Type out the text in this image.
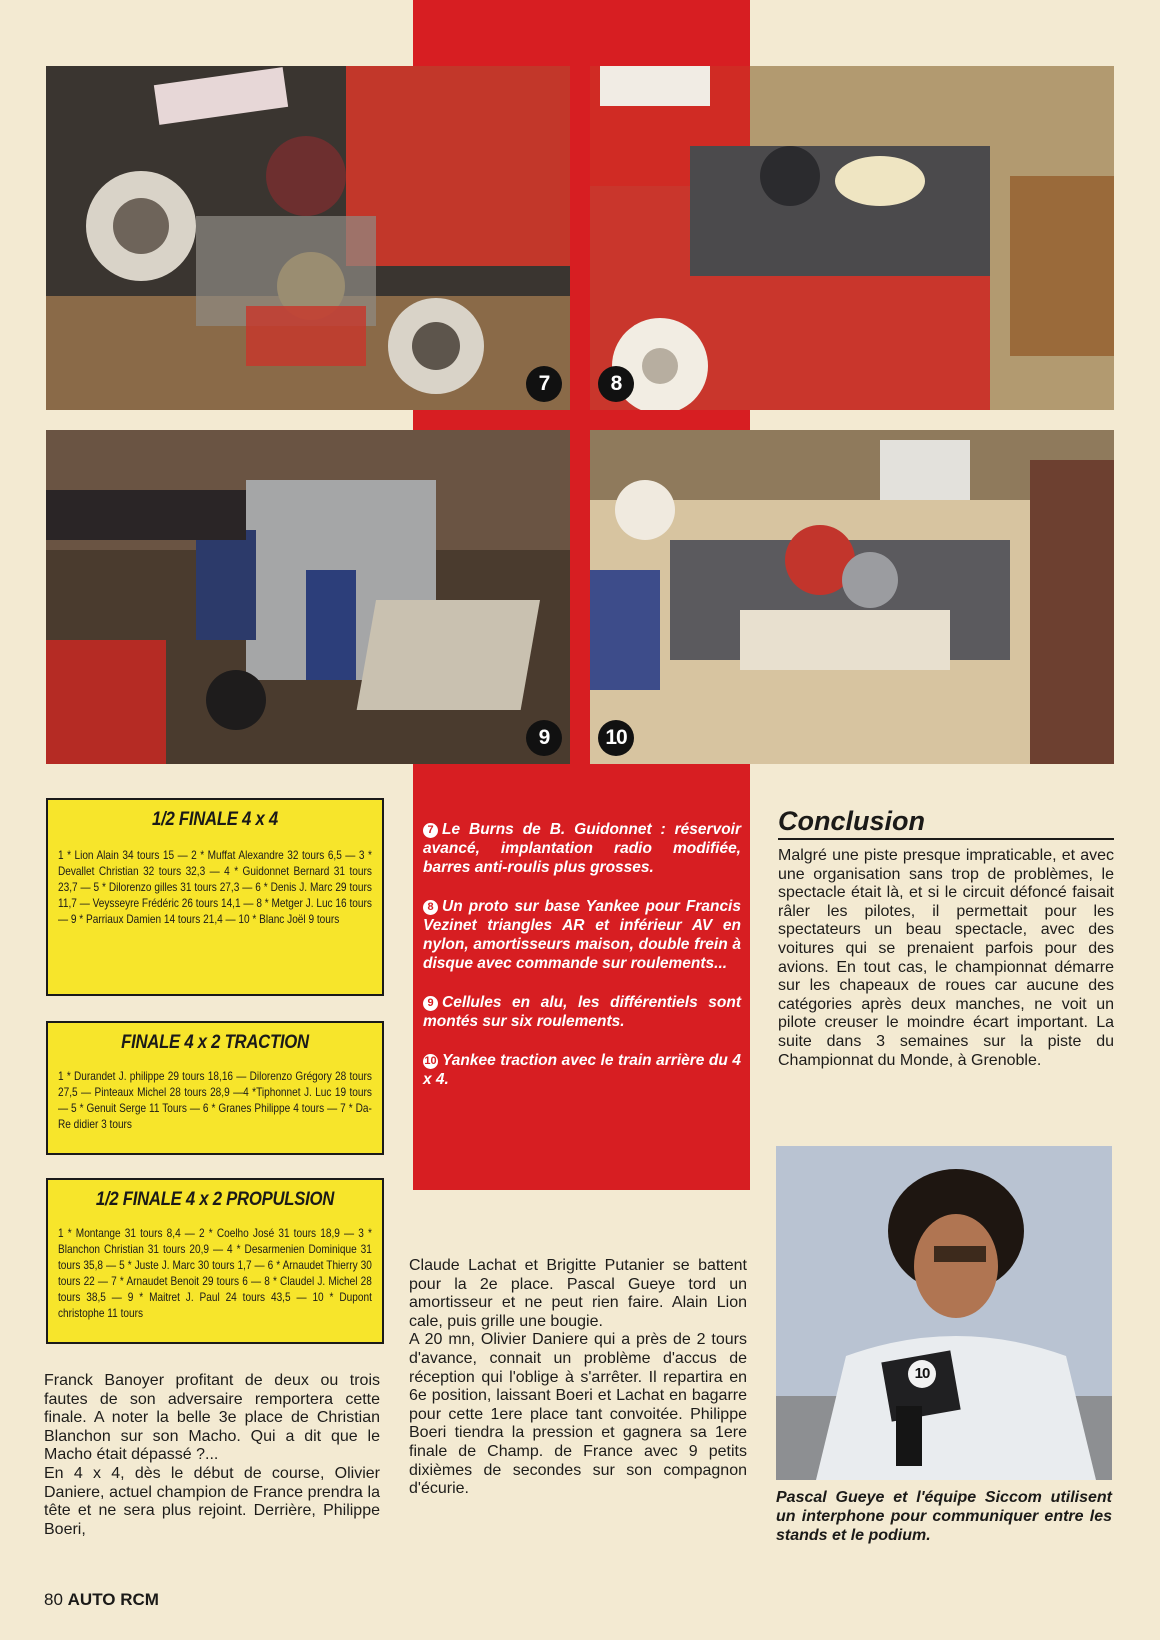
7	8
9	10
1/2 FINALE 4 x 4

1 * Lion Alain 34 tours 15 — 2 * Muffat Alexandre 32 tours 6,5 — 3 * Devallet Christian 32 tours 32,3 — 4 * Guidonnet Bernard 31 tours 23,7 — 5 * Dilorenzo gilles 31 tours 27,3 — 6 * Denis J. Marc 29 tours 11,7 — Veysseyre Frédéric 26 tours 14,1 — 8 * Metger J. Luc 16 tours — 9 * Parriaux Damien 14 tours 21,4 — 10 * Blanc Joël 9 tours

FINALE 4 x 2 TRACTION

1 * Durandet J. philippe 29 tours 18,16 — Dilorenzo Grégory 28 tours 27,5 — Pinteaux Michel 28 tours 28,9 —4 *Tiphonnet J. Luc 19 tours — 5 * Genuit Serge 11 Tours — 6 * Granes Philippe 4 tours — 7 * Da-Re didier 3 tours

1/2 FINALE 4 x 2 PROPULSION

1 * Montange 31 tours 8,4 — 2 * Coelho José 31 tours 18,9 — 3 * Blanchon Christian 31 tours 20,9 — 4 * Desarmenien Dominique 31 tours 35,8 — 5 * Juste J. Marc 30 tours 1,7 — 6 * Arnaudet Thierry 30 tours 22 — 7 * Arnaudet Benoit 29 tours 6 — 8 * Claudel J. Michel 28 tours 38,5 — 9 * Maitret J. Paul 24 tours 43,5 — 10 * Dupont christophe 11 tours

7 Le Burns de B. Guidonnet : réservoir avancé, implantation radio modifiée, barres anti-roulis plus grosses.

8 Un proto sur base Yankee pour Francis Vezinet triangles AR et inférieur AV en nylon, amortisseurs maison, double frein à disque avec commande sur roulements...

9 Cellules en alu, les différentiels sont montés sur six roulements.

10 Yankee traction avec le train arrière du 4 x 4.

Franck Banoyer profitant de deux ou trois fautes de son adversaire remportera cette finale. A noter la belle 3e place de Christian Blanchon sur son Macho. Qui a dit que le Macho était dépassé ?...

En 4 x 4, dès le début de course, Olivier Daniere, actuel champion de France prendra la tête et ne sera plus rejoint. Derrière, Philippe Boeri,

Claude Lachat et Brigitte Putanier se battent pour la 2e place. Pascal Gueye tord un amortisseur et ne peut rien faire. Alain Lion cale, puis grille une bougie.

A 20 mn, Olivier Daniere qui a près de 2 tours d'avance, connait un problème d'accus de réception qui l'oblige à s'arrêter. Il repartira en 6e position, laissant Boeri et Lachat en bagarre pour cette 1ere place tant convoitée. Philippe Boeri tiendra la pression et gagnera sa 1ere finale de Champ. de France avec 9 petits dixièmes de secondes sur son compagnon d'écurie.

Conclusion
Malgré une piste presque impraticable, et avec une organisation sans trop de problèmes, le spectacle était là, et si le circuit défoncé faisait râler les pilotes, il permettait pour les spectateurs un beau spectacle, avec des voitures qui se prenaient parfois pour des avions. En tout cas, le championnat démarre sur les chapeaux de roues car aucune des catégories après deux manches, ne voit un pilote creuser le moindre écart important. La suite dans 3 semaines sur la piste du Championnat du Monde, à Grenoble.
10
Pascal Gueye et l'équipe Siccom utilisent un interphone pour communiquer entre les stands et le podium.
80 AUTO RCM
